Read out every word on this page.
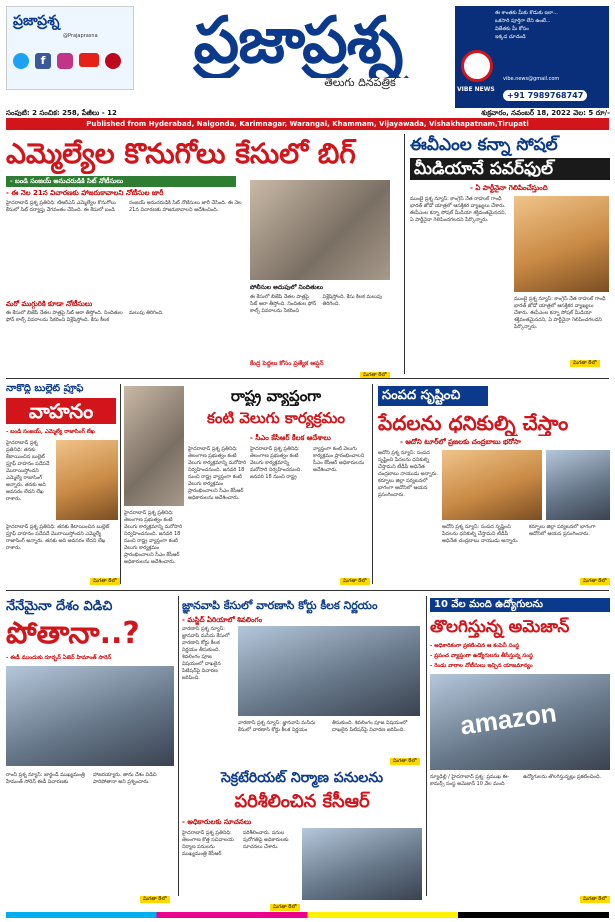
ప్రజాప్రశ్న
@Prajaprasna
f	ప్రజాప్రశ్న
తెలుగు దినపత్రిక
ఈ శాంతకు మీకు కొడుకు ఇలా...
ఒకసారి పూర్తిగా లేని ఉంటే...
విజేతకు మీ కోసం
ఇక్కడ చూడండి
VIBE NEWS
vibe.news@gmail.com
+91 7989768747
సంపుటి: 2 సంచిక: 258, పేజీలు - 12	శుక్రవారం, నవంబర్ 18, 2022 వెల: 5 రూ/-
Published from Hyderabad, Nalgonda, Karimnagar, Warangal, Khammam, Vijayawada, Vishakhapatnam,Tirupati
ఎమ్మెల్యేల కొనుగోలు కేసులో బిగ్
- బండి సంజయ్ అనుచరుడికి సిట్ నోటీసులు
- ఈ నెల 21న విచారణకు హాజరుకావాలని నోటీసుల జారీ
హైదరాబాద్ ప్రశ్న ప్రతినిధి: టీఆర్ఎస్ ఎమ్మెల్యేల కొనుగోలు కేసులో సిట్ దర్యాప్తు వేగవంతం చేసింది. ఈ కేసులో బండి సంజయ్ అనుచరుడికి సిట్ నోటీసులు జారీ చేసింది. ఈ నెల 21న విచారణకు హాజరుకావాలని ఆదేశించింది.
పోలీసుల అదుపులో నిందితులు
మరో ముగ్గురికి కూడా నోటీసులు
ఈ కేసులో బీజేపీ నేతల పాత్రపై సిట్ ఆరా తీస్తోంది. నిందితుల ఫోన్ కాల్స్ వివరాలను సేకరించి విశ్లేషిస్తోంది. కేసు కీలక మలుపు తిరిగింది.
ఈ కేసులో బీజేపీ నేతల పాత్రపై సిట్ ఆరా తీస్తోంది. నిందితుల ఫోన్ కాల్స్ వివరాలను సేకరించి విశ్లేషిస్తోంది. కేసు కీలక మలుపు తిరిగింది.
కేంద్ర పెద్దలు కోసం ప్రత్యేక ఆప్షన్
మిగతా 8లో
ఈవీఎంల కన్నా సోషల్
మీడియానే పవర్‌ఫుల్
- ఏ పార్టీనైనా గెలిపించేస్తుంది
ముంబై ప్రశ్న న్యూస్: కాంగ్రెస్ నేత రాహుల్ గాంధీ భారత్ జోడో యాత్రలో ఆసక్తికర వ్యాఖ్యలు చేశారు. ఈవీఎంల కన్నా సోషల్ మీడియా శక్తివంతమైనదని, ఏ పార్టీనైనా గెలిపించగలదని పేర్కొన్నారు.
ముంబై ప్రశ్న న్యూస్: కాంగ్రెస్ నేత రాహుల్ గాంధీ భారత్ జోడో యాత్రలో ఆసక్తికర వ్యాఖ్యలు చేశారు. ఈవీఎంల కన్నా సోషల్ మీడియా శక్తివంతమైనదని, ఏ పార్టీనైనా గెలిపించగలదని పేర్కొన్నారు.
మిగతా 8లో
నాకొద్దీ బుల్లెట్ ప్రూఫ్
వాహనం
- బండి సంజయ్, ఎమ్మెల్యే రాజాసింగ్ లేఖ
హైదరాబాద్ ప్రశ్న ప్రతినిధి: తనకు కేటాయించిన బుల్లెట్ ప్రూఫ్ వాహనం పదేపదే మొరాయిస్తోందని ఎమ్మెల్యే రాజాసింగ్ అన్నారు. తనకు అది అవసరం లేదని లేఖ రాశారు.
హైదరాబాద్ ప్రశ్న ప్రతినిధి: తనకు కేటాయించిన బుల్లెట్ ప్రూఫ్ వాహనం పదేపదే మొరాయిస్తోందని ఎమ్మెల్యే రాజాసింగ్ అన్నారు. తనకు అది అవసరం లేదని లేఖ రాశారు.
మిగతా 8లో
రాష్ట్ర వ్యాప్తంగా
కంటి వెలుగు కార్యక్రమం
- సీఎం కేసీఆర్ కీలక ఆదేశాలు
హైదరాబాద్ ప్రశ్న ప్రతినిధి: తెలంగాణ ప్రభుత్వం కంటి వెలుగు కార్యక్రమాన్ని మరోసారి నిర్వహించనుంది. జనవరి 18 నుంచి రాష్ట్ర వ్యాప్తంగా కంటి వెలుగు కార్యక్రమం ప్రారంభించాలని సీఎం కేసీఆర్ అధికారులను ఆదేశించారు.
హైదరాబాద్ ప్రశ్న ప్రతినిధి: తెలంగాణ ప్రభుత్వం కంటి వెలుగు కార్యక్రమాన్ని మరోసారి నిర్వహించనుంది. జనవరి 18 నుంచి రాష్ట్ర వ్యాప్తంగా కంటి వెలుగు కార్యక్రమం ప్రారంభించాలని సీఎం కేసీఆర్ అధికారులను ఆదేశించారు.
హైదరాబాద్ ప్రశ్న ప్రతినిధి: తెలంగాణ ప్రభుత్వం కంటి వెలుగు కార్యక్రమాన్ని మరోసారి నిర్వహించనుంది. జనవరి 18 నుంచి రాష్ట్ర వ్యాప్తంగా కంటి వెలుగు కార్యక్రమం ప్రారంభించాలని సీఎం కేసీఆర్ అధికారులను ఆదేశించారు.
మిగతా 8లో
సంపద సృష్టించి
పేదలను ధనికుల్ని చేస్తాం
- ఆదోని టూర్‌లో ప్రజలకు చంద్రబాబు భరోసా
ఆదోని ప్రశ్న న్యూస్: సంపద సృష్టించి పేదలను ధనికుల్ని చేస్తామని టీడీపీ అధినేత చంద్రబాబు నాయుడు అన్నారు. కర్నూలు జిల్లా పర్యటనలో భాగంగా ఆదోనిలో ఆయన ప్రసంగించారు.
ఆదోని ప్రశ్న న్యూస్: సంపద సృష్టించి పేదలను ధనికుల్ని చేస్తామని టీడీపీ అధినేత చంద్రబాబు నాయుడు అన్నారు. కర్నూలు జిల్లా పర్యటనలో భాగంగా ఆదోనిలో ఆయన ప్రసంగించారు.
మిగతా 8లో
నేనేమైనా దేశం విడిచి
పోతానా..?
- ఈడీ ముందుకు రూర్బన్ ఏజెన్ హిమాంత్ సారెన్
రాంచీ ప్రశ్న న్యూస్: జార్ఖండ్ ముఖ్యమంత్రి హేమంత్ సోరెన్ ఈడీ విచారణకు హాజరయ్యారు. తాను దేశం విడిచి పారిపోతానా అని ప్రశ్నించారు.
మిగతా 8లో
జ్ఞానవాపి కేసులో వారణాసి కోర్టు కీలక నిర్ణయం
- మస్జిద్ ఏరియాలో శివలింగం
వారణాసి ప్రశ్న న్యూస్: జ్ఞానవాపి మసీదు కేసులో వారణాసి కోర్టు కీలక నిర్ణయం తీసుకుంది. శివలింగం పూజ విషయంలో దాఖలైన పిటిషన్‌పై విచారణ జరిపింది.
వారణాసి ప్రశ్న న్యూస్: జ్ఞానవాపి మసీదు కేసులో వారణాసి కోర్టు కీలక నిర్ణయం తీసుకుంది. శివలింగం పూజ విషయంలో దాఖలైన పిటిషన్‌పై విచారణ జరిపింది.
మిగతా 8లో
10 వేల మంది ఉద్యోగులను
తొలగిస్తున్న అమెజాన్
- అధికారికంగా ప్రకటించిన ఆ కంపెనీ సంస్థ
- ప్రపంచ వ్యాప్తంగా ఉద్యోగులను తీసేస్తున్న సంస్థ
- రెండు వారాల నోటీసులు ఇచ్చిన యాజమాన్యం
amazon
న్యూఢిల్లీ / హైదరాబాద్ ప్రశ్న: ప్రముఖ ఈ-కామర్స్ సంస్థ అమెజాన్ 10 వేల మంది ఉద్యోగులను తొలగిస్తున్నట్లు ప్రకటించింది.
మిగతా 8లో
సెక్రటేరియట్ నిర్మాణ పనులను
పరిశీలించిన కేసీఆర్
- అధికారులకు సూచనలు
హైదరాబాద్ ప్రశ్న ప్రతినిధి: తెలంగాణ కొత్త సచివాలయ నిర్మాణ పనులను ముఖ్యమంత్రి కేసీఆర్ పరిశీలించారు. పనుల పురోగతిపై అధికారులకు సూచనలు చేశారు.
మిగతా 8లో
